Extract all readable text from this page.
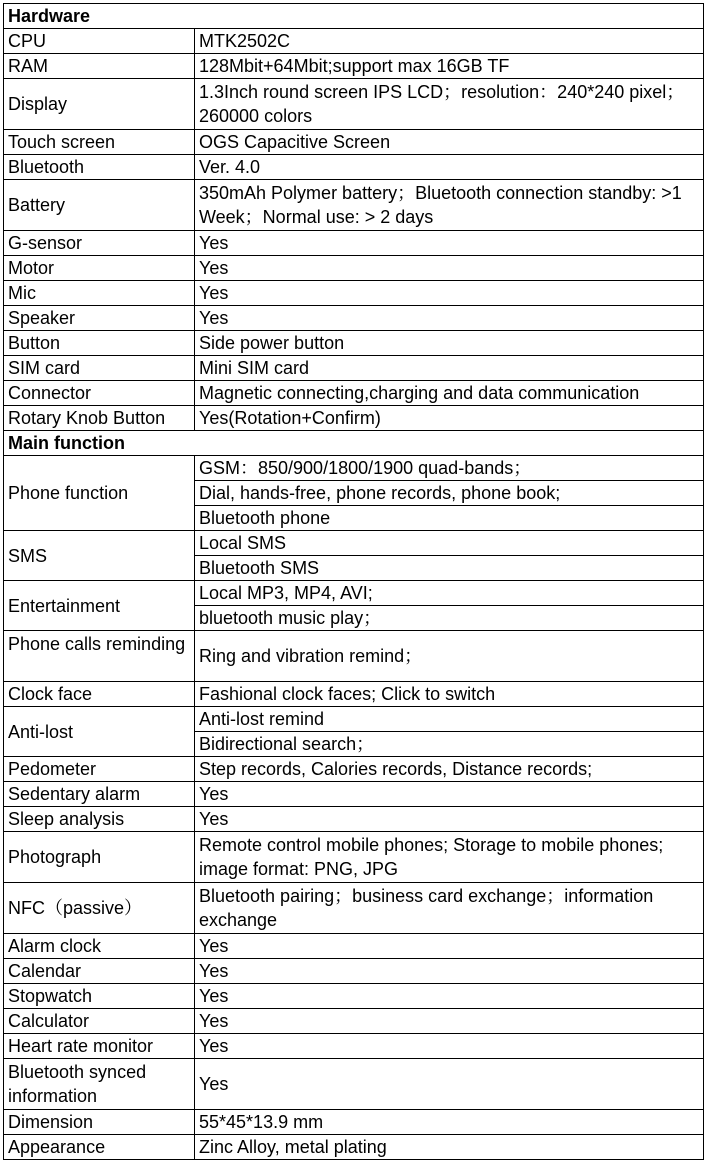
Hardware	
CPU	MTK2502C
RAM	128Mbit+64Mbit;support max 16GB TF
Display	1.3Inch round screen IPS LCD；resolution：240*240 pixel；260000 colors

Touch screen	OGS Capacitive Screen
Bluetooth	Ver. 4.0
Battery	350mAh Polymer battery；Bluetooth connection standby: >1 Week；Normal use: > 2 days

G-sensor	Yes
Motor	Yes
Mic	Yes
Speaker	Yes
Button	Side power button
SIM card	Mini SIM card
Connector	Magnetic connecting,charging and data communication
Rotary Knob Button	Yes(Rotation+Confirm)
Main function	
Phone function	GSM：850/900/1800/1900 quad-bands；
	Dial, hands-free, phone records, phone book;
	Bluetooth phone
SMS	Local SMS
	Bluetooth SMS
Entertainment	Local MP3, MP4, AVI;
	bluetooth music play；

Phone calls reminding	Ring and vibration remind；
Clock face	Fashional clock faces; Click to switch
Anti-lost	Anti-lost remind
	Bidirectional search；
Pedometer	Step records, Calories records, Distance records;
Sedentary alarm	Yes
Sleep analysis	Yes
Photograph	Remote control mobile phones; Storage to mobile phones; image format: PNG, JPG

NFC（passive）	Bluetooth pairing；business card exchange；information exchange

Alarm clock	Yes
Calendar	Yes
Stopwatch	Yes
Calculator	Yes
Heart rate monitor	Yes

Bluetooth synced information	Yes
Dimension	55*45*13.9 mm
Appearance	Zinc Alloy, metal plating
